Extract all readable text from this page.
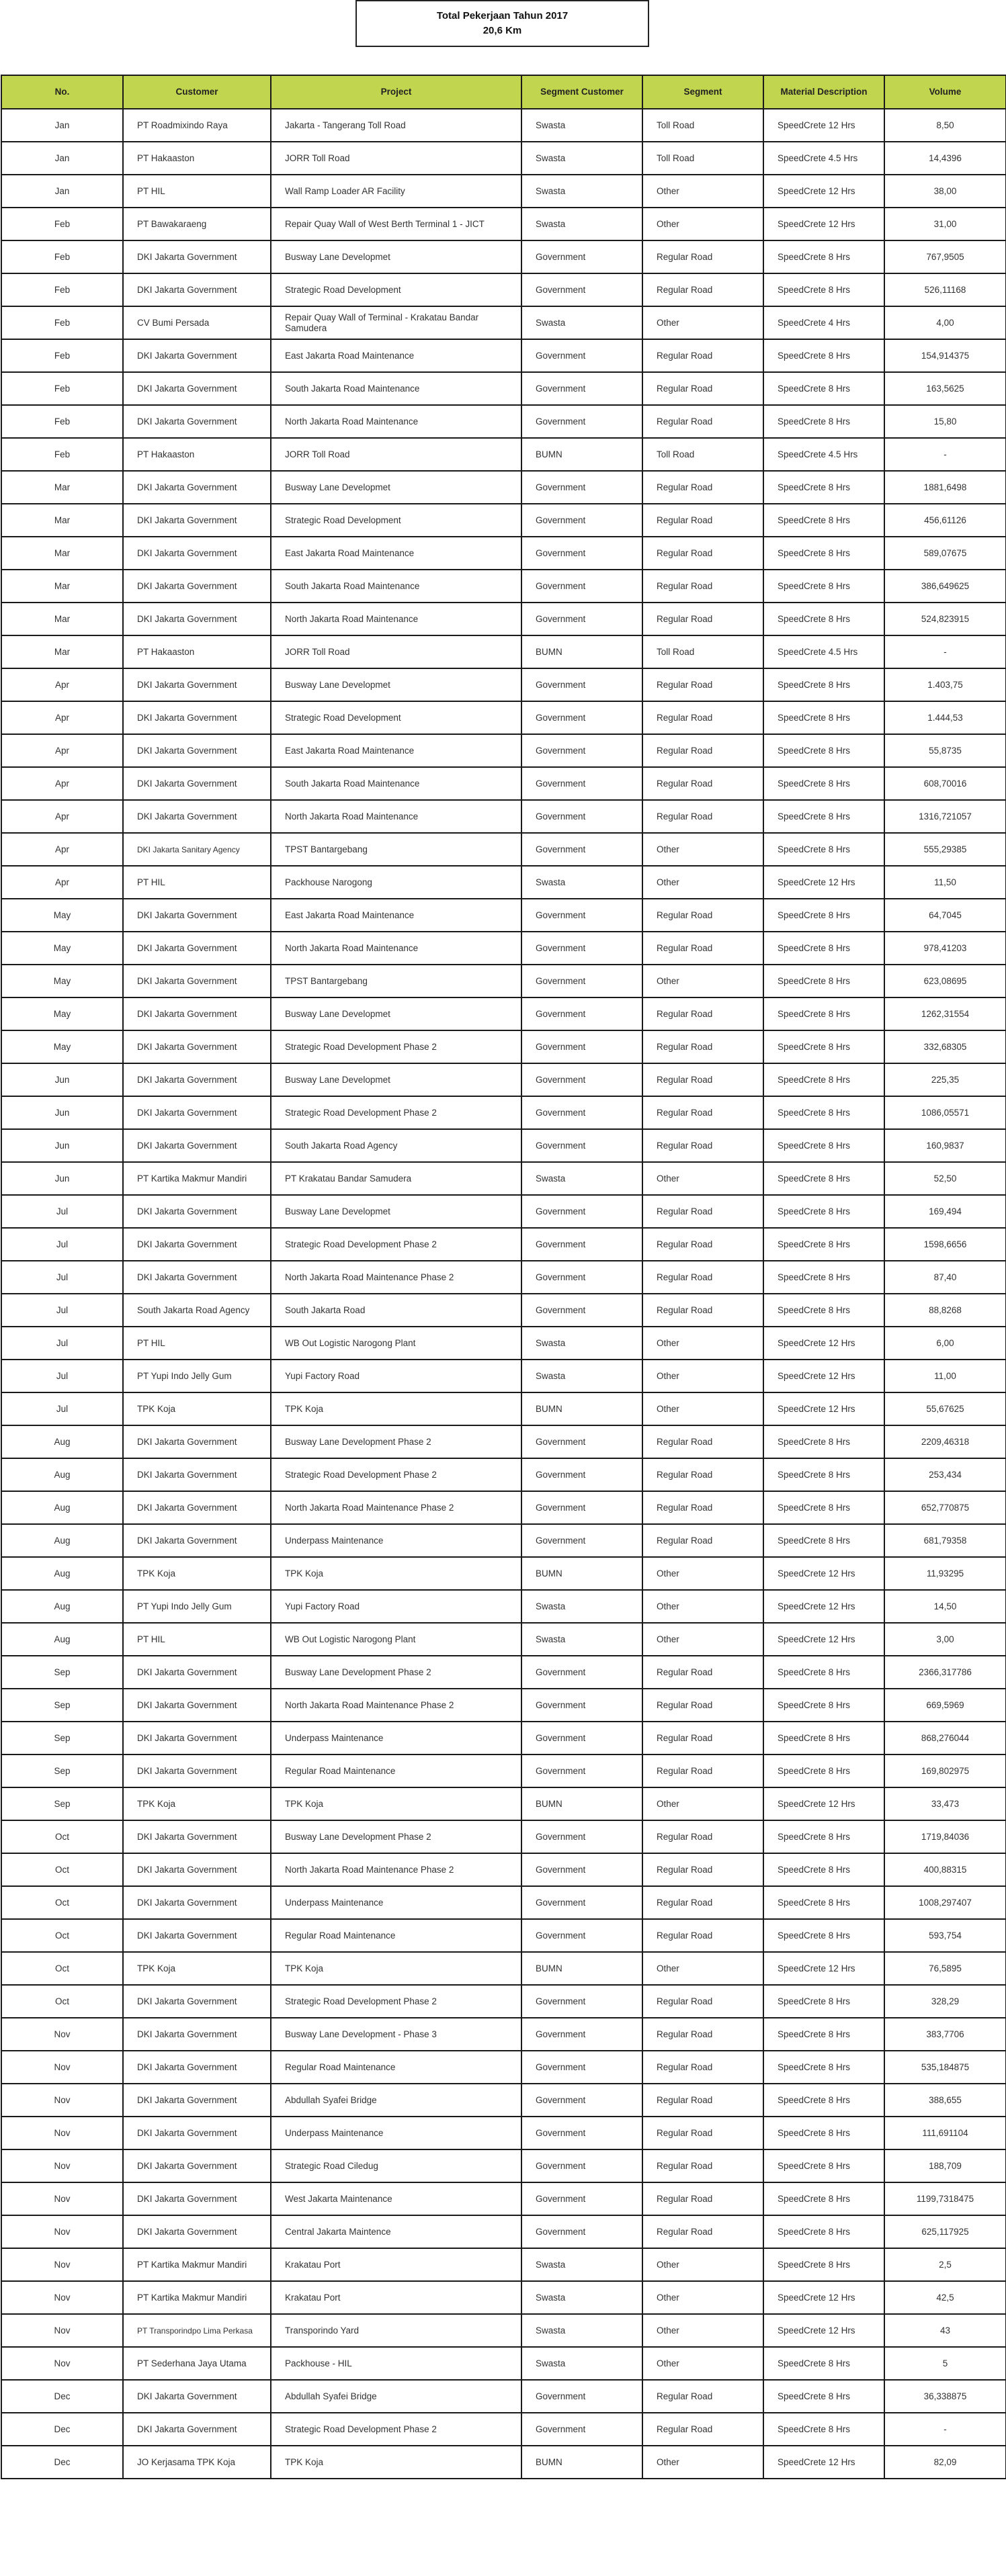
Total Pekerjaan Tahun 2017
20,6 Km
No.	Customer	Project	Segment Customer	Segment	Material Description	Volume
Jan	PT Roadmixindo Raya	Jakarta - Tangerang Toll Road	Swasta	Toll Road	SpeedCrete 12 Hrs	8,50
Jan	PT Hakaaston	JORR Toll Road	Swasta	Toll Road	SpeedCrete 4.5 Hrs	14,4396
Jan	PT HIL	Wall Ramp Loader AR Facility	Swasta	Other	SpeedCrete 12 Hrs	38,00
Feb	PT Bawakaraeng	Repair Quay Wall of West Berth Terminal 1 - JICT	Swasta	Other	SpeedCrete 12 Hrs	31,00
Feb	DKI Jakarta Government	Busway Lane Developmet	Government	Regular Road	SpeedCrete 8 Hrs	767,9505
Feb	DKI Jakarta Government	Strategic Road Development	Government	Regular Road	SpeedCrete 8 Hrs	526,11168
Feb	CV Bumi Persada	Repair Quay Wall of Terminal - Krakatau Bandar Samudera	Swasta	Other	SpeedCrete 4 Hrs	4,00
Feb	DKI Jakarta Government	East Jakarta Road Maintenance	Government	Regular Road	SpeedCrete 8 Hrs	154,914375
Feb	DKI Jakarta Government	South Jakarta Road Maintenance	Government	Regular Road	SpeedCrete 8 Hrs	163,5625
Feb	DKI Jakarta Government	North Jakarta Road Maintenance	Government	Regular Road	SpeedCrete 8 Hrs	15,80
Feb	PT Hakaaston	JORR Toll Road	BUMN	Toll Road	SpeedCrete 4.5 Hrs	-
Mar	DKI Jakarta Government	Busway Lane Developmet	Government	Regular Road	SpeedCrete 8 Hrs	1881,6498
Mar	DKI Jakarta Government	Strategic Road Development	Government	Regular Road	SpeedCrete 8 Hrs	456,61126
Mar	DKI Jakarta Government	East Jakarta Road Maintenance	Government	Regular Road	SpeedCrete 8 Hrs	589,07675
Mar	DKI Jakarta Government	South Jakarta Road Maintenance	Government	Regular Road	SpeedCrete 8 Hrs	386,649625
Mar	DKI Jakarta Government	North Jakarta Road Maintenance	Government	Regular Road	SpeedCrete 8 Hrs	524,823915
Mar	PT Hakaaston	JORR Toll Road	BUMN	Toll Road	SpeedCrete 4.5 Hrs	-
Apr	DKI Jakarta Government	Busway Lane Developmet	Government	Regular Road	SpeedCrete 8 Hrs	1.403,75
Apr	DKI Jakarta Government	Strategic Road Development	Government	Regular Road	SpeedCrete 8 Hrs	1.444,53
Apr	DKI Jakarta Government	East Jakarta Road Maintenance	Government	Regular Road	SpeedCrete 8 Hrs	55,8735
Apr	DKI Jakarta Government	South Jakarta Road Maintenance	Government	Regular Road	SpeedCrete 8 Hrs	608,70016
Apr	DKI Jakarta Government	North Jakarta Road Maintenance	Government	Regular Road	SpeedCrete 8 Hrs	1316,721057
Apr	DKI Jakarta Sanitary Agency	TPST Bantargebang	Government	Other	SpeedCrete 8 Hrs	555,29385
Apr	PT HIL	Packhouse Narogong	Swasta	Other	SpeedCrete 12 Hrs	11,50
May	DKI Jakarta Government	East Jakarta Road Maintenance	Government	Regular Road	SpeedCrete 8 Hrs	64,7045
May	DKI Jakarta Government	North Jakarta Road Maintenance	Government	Regular Road	SpeedCrete 8 Hrs	978,41203
May	DKI Jakarta Government	TPST Bantargebang	Government	Other	SpeedCrete 8 Hrs	623,08695
May	DKI Jakarta Government	Busway Lane Developmet	Government	Regular Road	SpeedCrete 8 Hrs	1262,31554
May	DKI Jakarta Government	Strategic Road Development Phase 2	Government	Regular Road	SpeedCrete 8 Hrs	332,68305
Jun	DKI Jakarta Government	Busway Lane Developmet	Government	Regular Road	SpeedCrete 8 Hrs	225,35
Jun	DKI Jakarta Government	Strategic Road Development Phase 2	Government	Regular Road	SpeedCrete 8 Hrs	1086,05571
Jun	DKI Jakarta Government	South Jakarta Road Agency	Government	Regular Road	SpeedCrete 8 Hrs	160,9837
Jun	PT Kartika Makmur Mandiri	PT Krakatau Bandar Samudera	Swasta	Other	SpeedCrete 8 Hrs	52,50
Jul	DKI Jakarta Government	Busway Lane Developmet	Government	Regular Road	SpeedCrete 8 Hrs	169,494
Jul	DKI Jakarta Government	Strategic Road Development Phase 2	Government	Regular Road	SpeedCrete 8 Hrs	1598,6656
Jul	DKI Jakarta Government	North Jakarta Road Maintenance Phase 2	Government	Regular Road	SpeedCrete 8 Hrs	87,40
Jul	South Jakarta Road Agency	South Jakarta Road	Government	Regular Road	SpeedCrete 8 Hrs	88,8268
Jul	PT HIL	WB Out Logistic Narogong Plant	Swasta	Other	SpeedCrete 12 Hrs	6,00
Jul	PT Yupi Indo Jelly Gum	Yupi Factory Road	Swasta	Other	SpeedCrete 12 Hrs	11,00
Jul	TPK Koja	TPK Koja	BUMN	Other	SpeedCrete 12 Hrs	55,67625
Aug	DKI Jakarta Government	Busway Lane Development Phase 2	Government	Regular Road	SpeedCrete 8 Hrs	2209,46318
Aug	DKI Jakarta Government	Strategic Road Development Phase 2	Government	Regular Road	SpeedCrete 8 Hrs	253,434
Aug	DKI Jakarta Government	North Jakarta Road Maintenance Phase 2	Government	Regular Road	SpeedCrete 8 Hrs	652,770875
Aug	DKI Jakarta Government	Underpass Maintenance	Government	Regular Road	SpeedCrete 8 Hrs	681,79358
Aug	TPK Koja	TPK Koja	BUMN	Other	SpeedCrete 12 Hrs	11,93295
Aug	PT Yupi Indo Jelly Gum	Yupi Factory Road	Swasta	Other	SpeedCrete 12 Hrs	14,50
Aug	PT HIL	WB Out Logistic Narogong Plant	Swasta	Other	SpeedCrete 12 Hrs	3,00
Sep	DKI Jakarta Government	Busway Lane Development Phase 2	Government	Regular Road	SpeedCrete 8 Hrs	2366,317786
Sep	DKI Jakarta Government	North Jakarta Road Maintenance Phase 2	Government	Regular Road	SpeedCrete 8 Hrs	669,5969
Sep	DKI Jakarta Government	Underpass Maintenance	Government	Regular Road	SpeedCrete 8 Hrs	868,276044
Sep	DKI Jakarta Government	Regular Road Maintenance	Government	Regular Road	SpeedCrete 8 Hrs	169,802975
Sep	TPK Koja	TPK Koja	BUMN	Other	SpeedCrete 12 Hrs	33,473
Oct	DKI Jakarta Government	Busway Lane Development Phase 2	Government	Regular Road	SpeedCrete 8 Hrs	1719,84036
Oct	DKI Jakarta Government	North Jakarta Road Maintenance Phase 2	Government	Regular Road	SpeedCrete 8 Hrs	400,88315
Oct	DKI Jakarta Government	Underpass Maintenance	Government	Regular Road	SpeedCrete 8 Hrs	1008,297407
Oct	DKI Jakarta Government	Regular Road Maintenance	Government	Regular Road	SpeedCrete 8 Hrs	593,754
Oct	TPK Koja	TPK Koja	BUMN	Other	SpeedCrete 12 Hrs	76,5895
Oct	DKI Jakarta Government	Strategic Road Development Phase 2	Government	Regular Road	SpeedCrete 8 Hrs	328,29
Nov	DKI Jakarta Government	Busway Lane Development - Phase 3	Government	Regular Road	SpeedCrete 8 Hrs	383,7706
Nov	DKI Jakarta Government	Regular Road Maintenance	Government	Regular Road	SpeedCrete 8 Hrs	535,184875
Nov	DKI Jakarta Government	Abdullah Syafei Bridge	Government	Regular Road	SpeedCrete 8 Hrs	388,655
Nov	DKI Jakarta Government	Underpass Maintenance	Government	Regular Road	SpeedCrete 8 Hrs	111,691104
Nov	DKI Jakarta Government	Strategic Road Ciledug	Government	Regular Road	SpeedCrete 8 Hrs	188,709
Nov	DKI Jakarta Government	West Jakarta Maintenance	Government	Regular Road	SpeedCrete 8 Hrs	1199,7318475
Nov	DKI Jakarta Government	Central Jakarta Maintence	Government	Regular Road	SpeedCrete 8 Hrs	625,117925
Nov	PT Kartika Makmur Mandiri	Krakatau Port	Swasta	Other	SpeedCrete 8 Hrs	2,5
Nov	PT Kartika Makmur Mandiri	Krakatau Port	Swasta	Other	SpeedCrete 12 Hrs	42,5
Nov	PT Transporindpo Lima Perkasa	Transporindo Yard	Swasta	Other	SpeedCrete 12 Hrs	43
Nov	PT Sederhana Jaya Utama	Packhouse - HIL	Swasta	Other	SpeedCrete 8 Hrs	5
Dec	DKI Jakarta Government	Abdullah Syafei Bridge	Government	Regular Road	SpeedCrete 8 Hrs	36,338875
Dec	DKI Jakarta Government	Strategic Road Development Phase 2	Government	Regular Road	SpeedCrete 8 Hrs	-
Dec	JO Kerjasama TPK Koja	TPK Koja	BUMN	Other	SpeedCrete 12 Hrs	82,09
